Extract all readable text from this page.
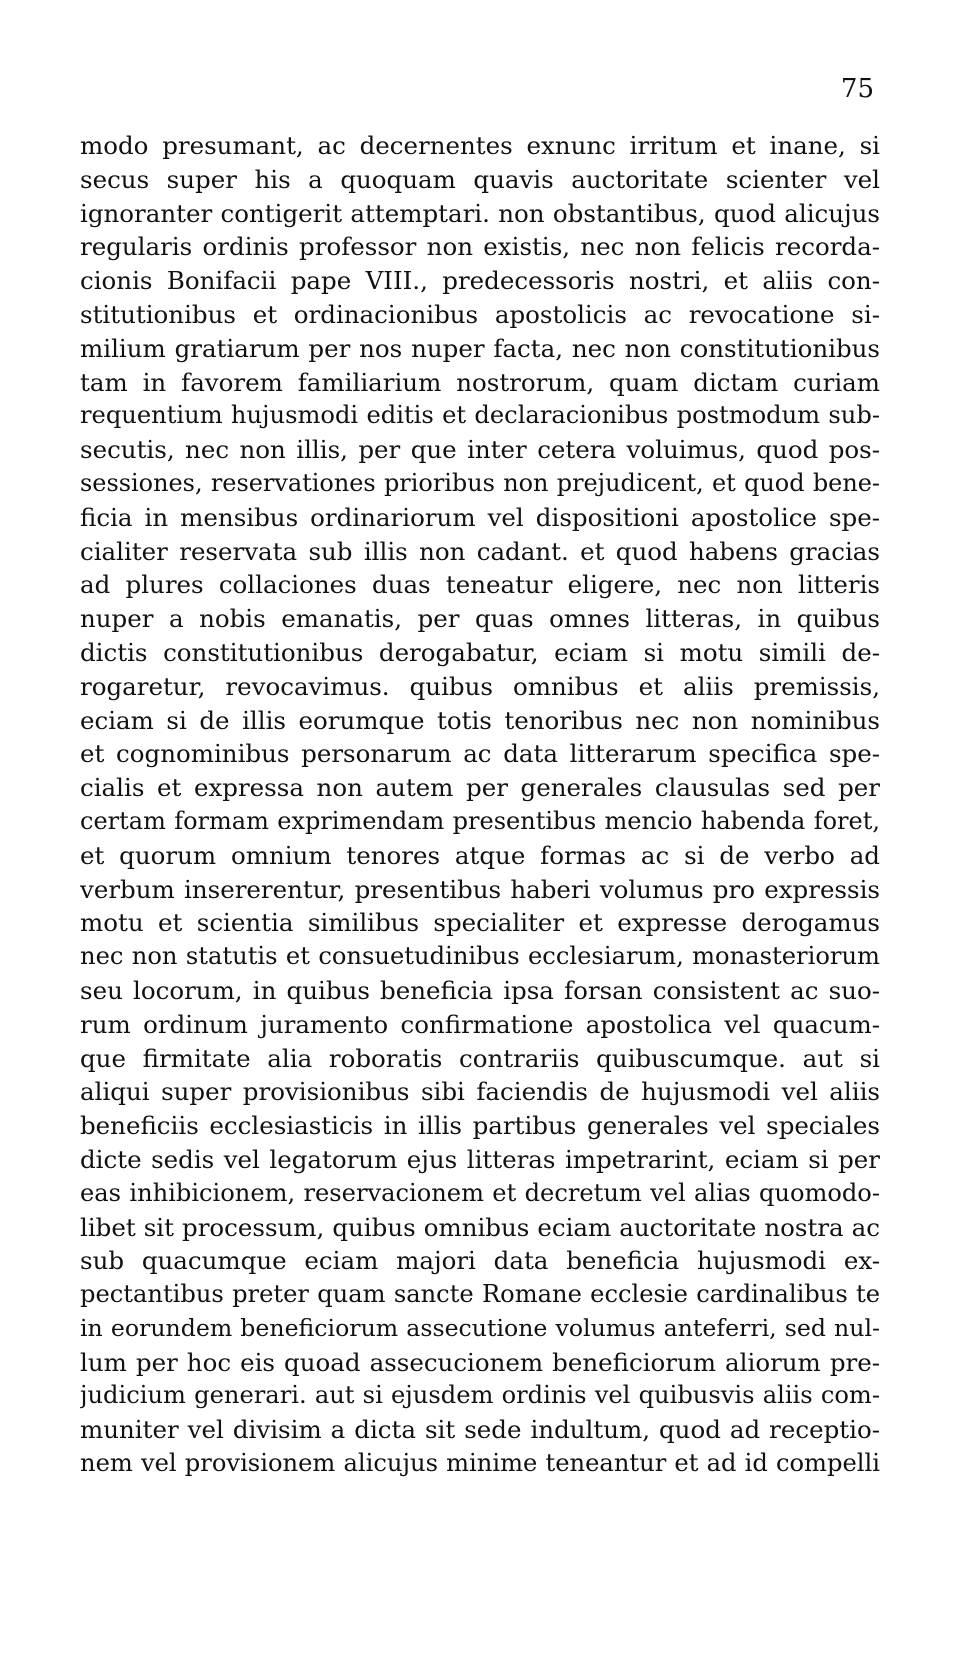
75
modo presumant, ac decernentes exnunc irritum et inane, si
secus super his a quoquam quavis auctoritate scienter vel
ignoranter contigerit attemptari. non obstantibus, quod alicujus
regularis ordinis professor non existis, nec non felicis recorda-
cionis Bonifacii pape VIII., predecessoris nostri, et aliis con-
stitutionibus et ordinacionibus apostolicis ac revocatione si-
milium gratiarum per nos nuper facta, nec non constitutionibus
tam in favorem familiarium nostrorum, quam dictam curiam
requentium hujusmodi editis et declaracionibus postmodum sub-
secutis, nec non illis, per que inter cetera voluimus, quod pos-
sessiones, reservationes prioribus non prejudicent, et quod bene-
ficia in mensibus ordinariorum vel dispositioni apostolice spe-
cialiter reservata sub illis non cadant. et quod habens gracias
ad plures collaciones duas teneatur eligere, nec non litteris
nuper a nobis emanatis, per quas omnes litteras, in quibus
dictis constitutionibus derogabatur, eciam si motu simili de-
rogaretur, revocavimus. quibus omnibus et aliis premissis,
eciam si de illis eorumque totis tenoribus nec non nominibus
et cognominibus personarum ac data litterarum specifica spe-
cialis et expressa non autem per generales clausulas sed per
certam formam exprimendam presentibus mencio habenda foret,
et quorum omnium tenores atque formas ac si de verbo ad
verbum insererentur, presentibus haberi volumus pro expressis
motu et scientia similibus specialiter et expresse derogamus
nec non statutis et consuetudinibus ecclesiarum, monasteriorum
seu locorum, in quibus beneficia ipsa forsan consistent ac suo-
rum ordinum juramento confirmatione apostolica vel quacum-
que firmitate alia roboratis contrariis quibuscumque. aut si
aliqui super provisionibus sibi faciendis de hujusmodi vel aliis
beneficiis ecclesiasticis in illis partibus generales vel speciales
dicte sedis vel legatorum ejus litteras impetrarint, eciam si per
eas inhibicionem, reservacionem et decretum vel alias quomodo-
libet sit processum, quibus omnibus eciam auctoritate nostra ac
sub quacumque eciam majori data beneficia hujusmodi ex-
pectantibus preter quam sancte Romane ecclesie cardinalibus te
in eorundem beneficiorum assecutione volumus anteferri, sed nul-
lum per hoc eis quoad assecucionem beneficiorum aliorum pre-
judicium generari. aut si ejusdem ordinis vel quibusvis aliis com-
muniter vel divisim a dicta sit sede indultum, quod ad receptio-
nem vel provisionem alicujus minime teneantur et ad id compelli
